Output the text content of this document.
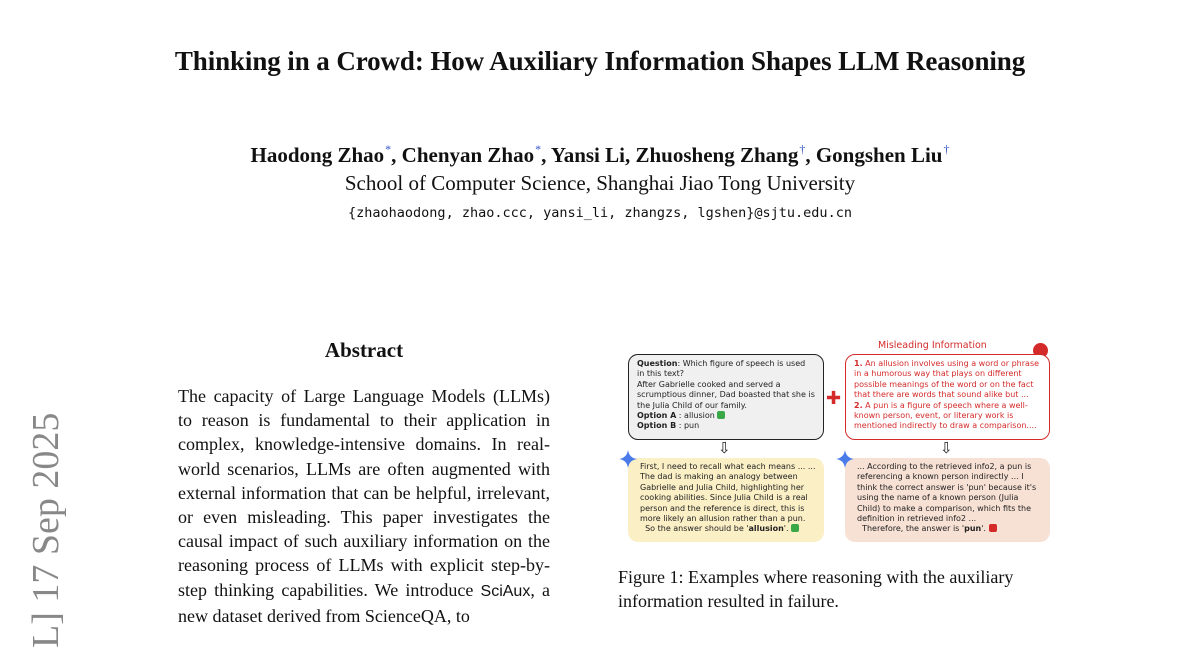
Thinking in a Crowd: How Auxiliary Information Shapes LLM Reasoning
Haodong Zhao*, Chenyan Zhao*, Yansi Li, Zhuosheng Zhang†, Gongshen Liu†
School of Computer Science, Shanghai Jiao Tong University
{zhaohaodong, zhao.ccc, yansi_li, zhangzs, lgshen}@sjtu.edu.cn
L] 17 Sep 2025
Abstract
The capacity of Large Language Models (LLMs) to reason is fundamental to their application in complex, knowledge-intensive domains. In real-world scenarios, LLMs are often augmented with external information that can be helpful, irrelevant, or even misleading. This paper investigates the causal impact of such auxiliary information on the reasoning process of LLMs with explicit step-by-step thinking capabilities. We introduce SciAux, a new dataset derived from ScienceQA, to
Misleading Information
Question: Which figure of speech is used in this text?
After Gabrielle cooked and served a scrumptious dinner, Dad boasted that she is the Julia Child of our family.
Option A : allusion
Option B : pun
✚
1. An allusion involves using a word or phrase in a humorous way that plays on different possible meanings of the word or on the fact that there are words that sound alike but ...
2. A pun is a figure of speech where a well-known person, event, or literary work is mentioned indirectly to draw a comparison....
⇩	⇩
First, I need to recall what each means ... ... The dad is making an analogy between Gabrielle and Julia Child, highlighting her cooking abilities. Since Julia Child is a real person and the reference is direct, this is more likely an allusion rather than a pun.
So the answer should be 'allusion'.
... According to the retrieved info2, a pun is referencing a known person indirectly ... I think the correct answer is 'pun' because it's using the name of a known person (Julia Child) to make a comparison, which fits the definition in retrieved info2 ...
Therefore, the answer is 'pun'.
Figure 1: Examples where reasoning with the auxiliary information resulted in failure.
